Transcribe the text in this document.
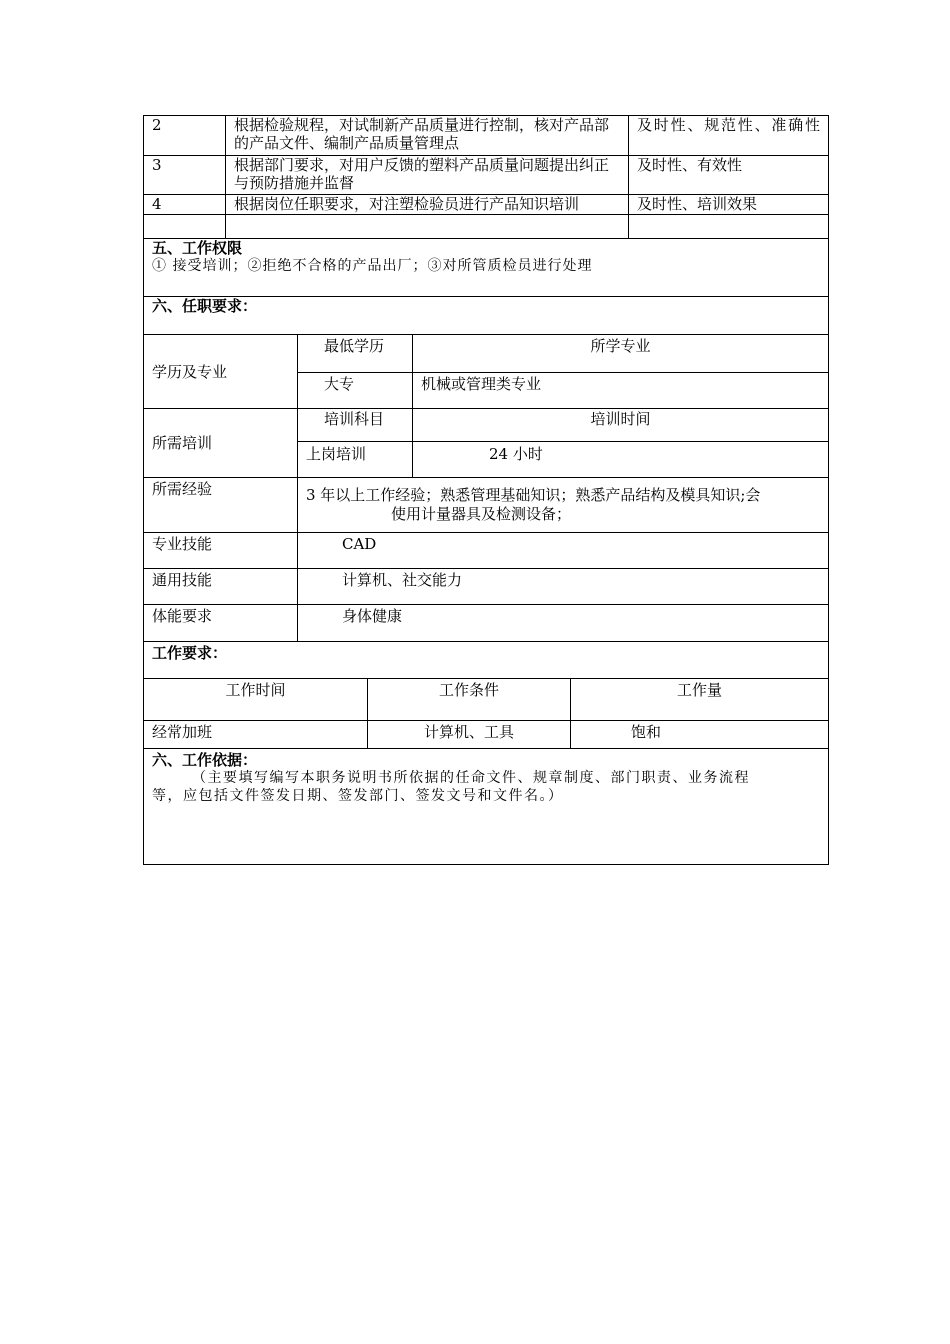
2	根据检验规程，对试制新产品质量进行控制，核对产品部的产品文件、编制产品质量管理点	及时性、规范性、准确性
3	根据部门要求，对用户反馈的塑料产品质量问题提出纠正与预防措施并监督	及时性、有效性
4	根据岗位任职要求，对注塑检验员进行产品知识培训	及时性、培训效果

五、工作权限
① 接受培训；②拒绝不合格的产品出厂；③对所管质检员进行处理		

六、任职要求：		
学历及专业	最低学历	所学专业
	大专	机械或管理类专业
所需培训	培训科目	培训时间
	上岗培训	24 小时
所需经验	3 年以上工作经验；熟悉管理基础知识；熟悉产品结构及模具知识;会
使用计量器具及检测设备；	

专业技能	CAD	
通用技能	计算机、社交能力	
体能要求	身体健康	
工作要求：		
工作时间	工作条件	工作量
经常加班	计算机、工具	饱和

六、工作依据：
（主要填写编写本职务说明书所依据的任命文件、规章制度、部门职责、业务流程
等，应包括文件签发日期、签发部门、签发文号和文件名。）		
